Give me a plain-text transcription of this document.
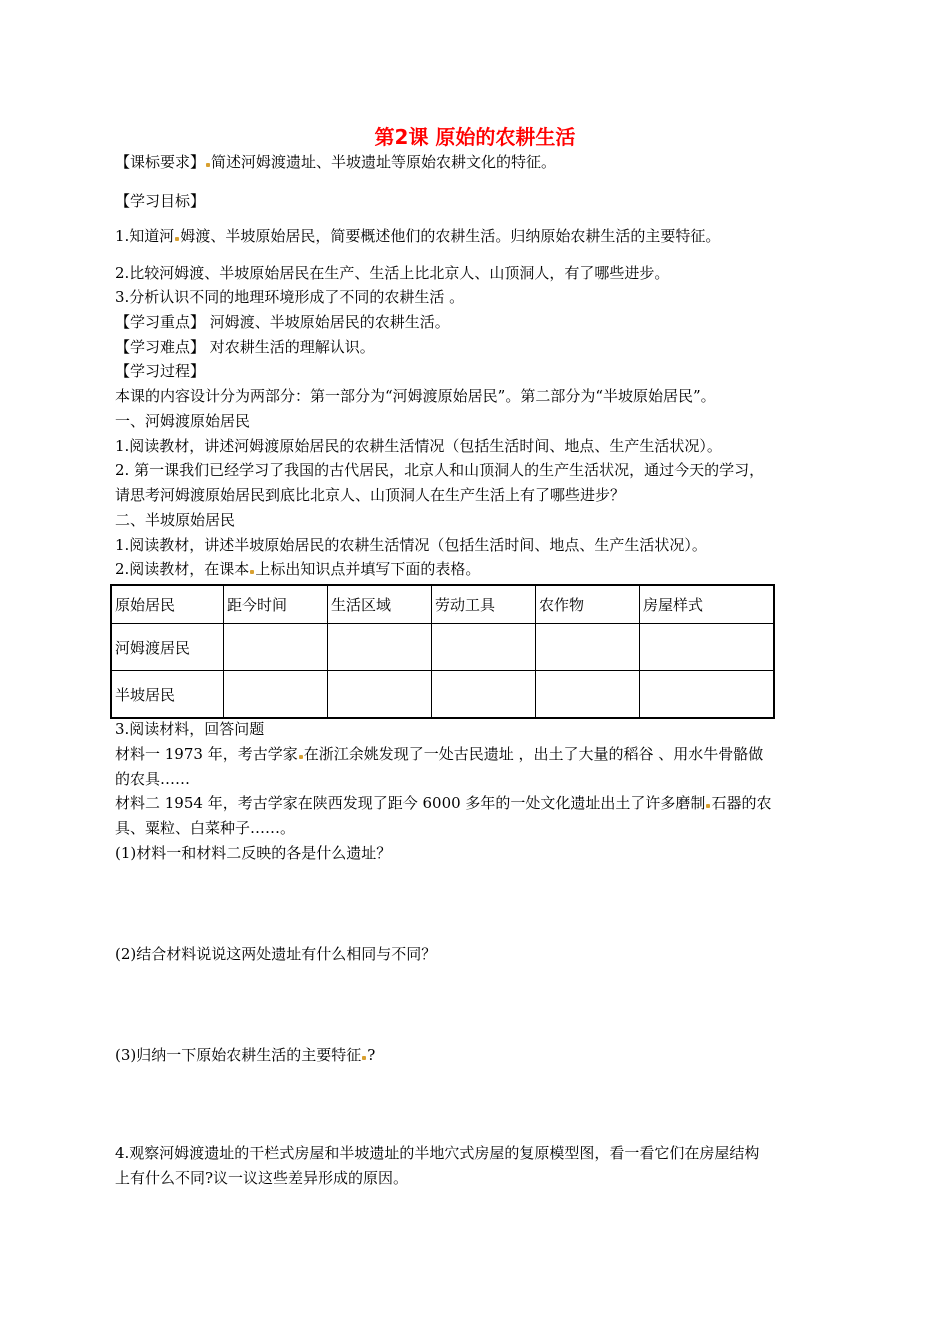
第2课 原始的农耕生活
【课标要求】 简述河姆渡遗址、半坡遗址等原始农耕文化的特征。
【学习目标】
1.知道河 姆渡、半坡原始居民，简要概述他们的农耕生活。归纳原始农耕生活的主要特征。
2.比较河姆渡、半坡原始居民在生产、生活上比北京人、山顶洞人，有了哪些进步。
3.分析认识不同的地理环境形成了不同的农耕生活 。
【学习重点】 河姆渡、半坡原始居民的农耕生活。
【学习难点】 对农耕生活的理解认识。
【学习过程】
本课的内容设计分为两部分：第一部分为“河姆渡原始居民”。第二部分为“半坡原始居民”。
一、河姆渡原始居民
1.阅读教材，讲述河姆渡原始居民的农耕生活情况（包括生活时间、地点、生产生活状况）。
2. 第一课我们已经学习了我国的古代居民，北京人和山顶洞人的生产生活状况，通过今天的学习，
请思考河姆渡原始居民到底比北京人、山顶洞人在生产生活上有了哪些进步？
二、半坡原始居民
1.阅读教材，讲述半坡原始居民的农耕生活情况（包括生活时间、地点、生产生活状况）。
2.阅读教材，在课本 上标出知识点并填写下面的表格。
原始居民	距今时间	生活区域	劳动工具	农作物	房屋样式
河姆渡居民					
半坡居民					
3.阅读材料，回答问题
材料一 1973 年，考古学家 在浙江余姚发现了一处古民遗址 ，出土了大量的稻谷 、用水牛骨骼做
的农具……
材料二 1954 年，考古学家在陕西发现了距今 6000 多年的一处文化遗址出土了许多磨制 石器的农
具、粟粒、白菜种子……。
(1)材料一和材料二反映的各是什么遗址？
(2)结合材料说说这两处遗址有什么相同与不同？
(3)归纳一下原始农耕生活的主要特征 ?
4.观察河姆渡遗址的干栏式房屋和半坡遗址的半地穴式房屋的复原模型图，看一看它们在房屋结构
上有什么不同?议一议这些差异形成的原因。
